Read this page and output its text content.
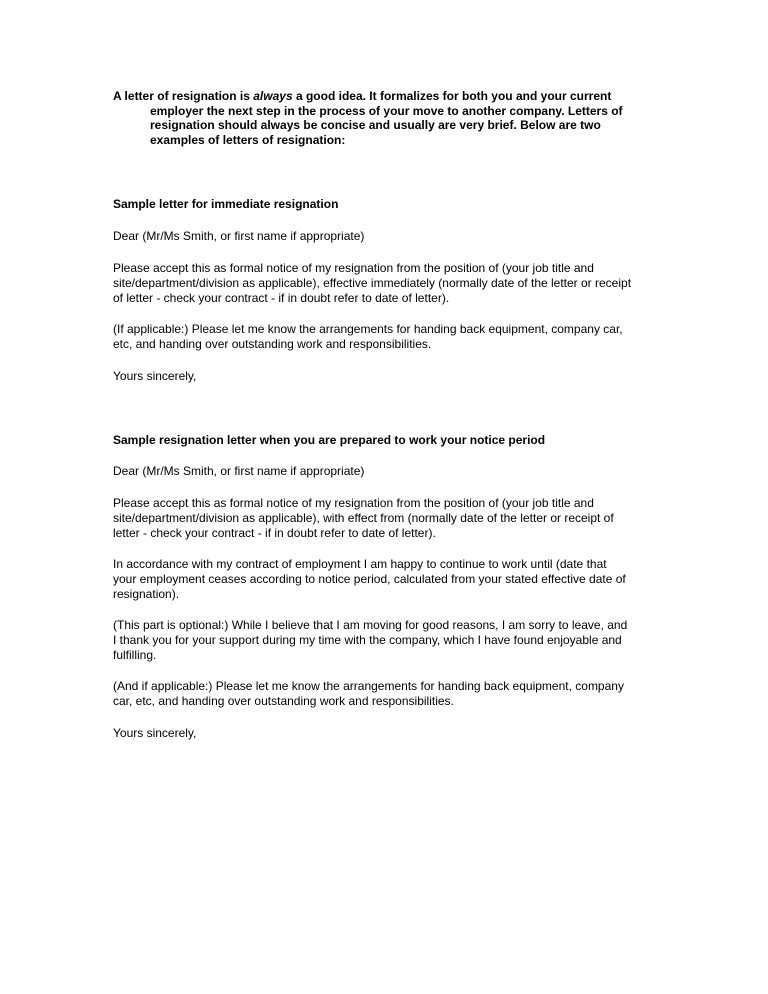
A letter of resignation is always a good idea. It formalizes for both you and your current
employer the next step in the process of your move to another company. Letters of
resignation should always be concise and usually are very brief. Below are two
examples of letters of resignation:

Sample letter for immediate resignation

Dear (Mr/Ms Smith, or first name if appropriate)

Please accept this as formal notice of my resignation from the position of (your job title and
site/department/division as applicable), effective immediately (normally date of the letter or receipt
of letter - check your contract - if in doubt refer to date of letter).

(If applicable:) Please let me know the arrangements for handing back equipment, company car,
etc, and handing over outstanding work and responsibilities.

Yours sincerely,

Sample resignation letter when you are prepared to work your notice period

Dear (Mr/Ms Smith, or first name if appropriate)

Please accept this as formal notice of my resignation from the position of (your job title and
site/department/division as applicable), with effect from (normally date of the letter or receipt of
letter - check your contract - if in doubt refer to date of letter).

In accordance with my contract of employment I am happy to continue to work until (date that
your employment ceases according to notice period, calculated from your stated effective date of
resignation).

(This part is optional:) While I believe that I am moving for good reasons, I am sorry to leave, and
I thank you for your support during my time with the company, which I have found enjoyable and
fulfilling.

(And if applicable:) Please let me know the arrangements for handing back equipment, company
car, etc, and handing over outstanding work and responsibilities.

Yours sincerely,
